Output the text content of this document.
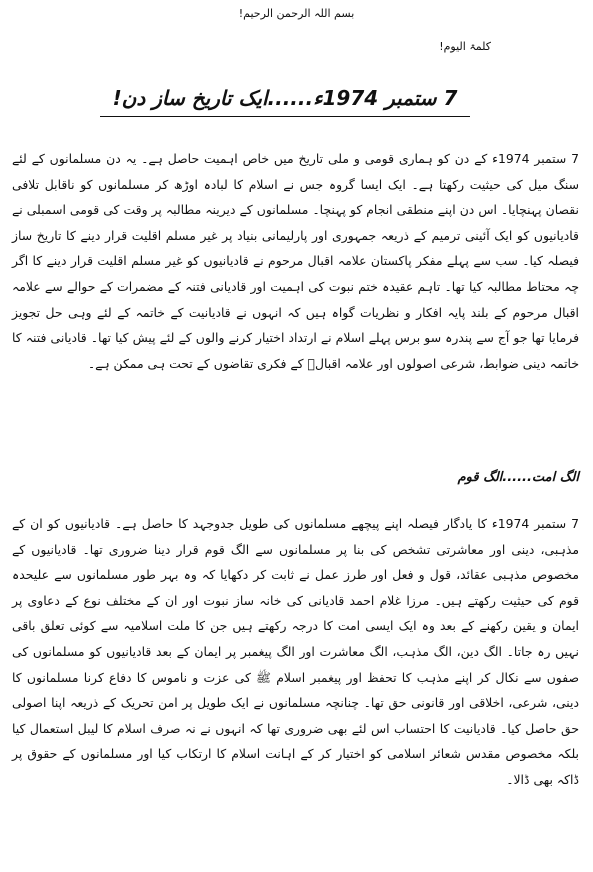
بسم اللہ الرحمن الرحیم!
کلمۃ الیوم!
7 ستمبر 1974ء......ایک تاریخ ساز دن!

7 ستمبر 1974ء کے دن کو ہماری قومی و ملی تاریخ میں خاص اہمیت حاصل ہے۔ یہ دن مسلمانوں کے لئے سنگ میل کی حیثیت رکھتا ہے۔ ایک ایسا گروہ جس نے اسلام کا لبادہ اوڑھ کر مسلمانوں کو ناقابل تلافی نقصان پہنچایا۔ اس دن اپنے منطقی انجام کو پہنچا۔ مسلمانوں کے دیرینہ مطالبہ پر وقت کی قومی اسمبلی نے قادیانیوں کو ایک آئینی ترمیم کے ذریعہ جمہوری اور پارلیمانی بنیاد پر غیر مسلم اقلیت قرار دینے کا تاریخ ساز فیصلہ کیا۔ سب سے پہلے مفکر پاکستان علامہ اقبال مرحوم نے قادیانیوں کو غیر مسلم اقلیت قرار دینے کا اگر چہ محتاط مطالبہ کیا تھا۔ تاہم عقیدہ ختم نبوت کی اہمیت اور قادیانی فتنہ کے مضمرات کے حوالے سے علامہ اقبال مرحوم کے بلند پایہ افکار و نظریات گواہ ہیں کہ انہوں نے قادیانیت کے خاتمہ کے لئے وہی حل تجویز فرمایا تھا جو آج سے پندرہ سو برس پہلے اسلام نے ارتداد اختیار کرنے والوں کے لئے پیش کیا تھا۔ قادیانی فتنہ کا خاتمہ دینی ضوابط، شرعی اصولوں اور علامہ اقبالؒ کے فکری تقاضوں کے تحت ہی ممکن ہے۔

الگ امت......الگ قوم

7 ستمبر 1974ء کا یادگار فیصلہ اپنے پیچھے مسلمانوں کی طویل جدوجہد کا حاصل ہے۔ قادیانیوں کو ان کے مذہبی، دینی اور معاشرتی تشخص کی بنا پر مسلمانوں سے الگ قوم قرار دینا ضروری تھا۔ قادیانیوں کے مخصوص مذہبی عقائد، قول و فعل اور طرز عمل نے ثابت کر دکھایا کہ وہ بہر طور مسلمانوں سے علیحدہ قوم کی حیثیت رکھتے ہیں۔ مرزا غلام احمد قادیانی کی خانہ ساز نبوت اور ان کے مختلف نوع کے دعاوی پر ایمان و یقین رکھنے کے بعد وہ ایک ایسی امت کا درجہ رکھتے ہیں جن کا ملت اسلامیہ سے کوئی تعلق باقی نہیں رہ جاتا۔ الگ دین، الگ مذہب، الگ معاشرت اور الگ پیغمبر پر ایمان کے بعد قادیانیوں کو مسلمانوں کی صفوں سے نکال کر اپنے مذہب کا تحفظ اور پیغمبر اسلام ﷺ کی عزت و ناموس کا دفاع کرنا مسلمانوں کا دینی، شرعی، اخلاقی اور قانونی حق تھا۔ چنانچہ مسلمانوں نے ایک طویل پر امن تحریک کے ذریعہ اپنا اصولی حق حاصل کیا۔ قادیانیت کا احتساب اس لئے بھی ضروری تھا کہ انہوں نے نہ صرف اسلام کا لیبل استعمال کیا بلکہ مخصوص مقدس شعائر اسلامی کو اختیار کر کے اہانت اسلام کا ارتکاب کیا اور مسلمانوں کے حقوق پر ڈاکہ بھی ڈالا۔
